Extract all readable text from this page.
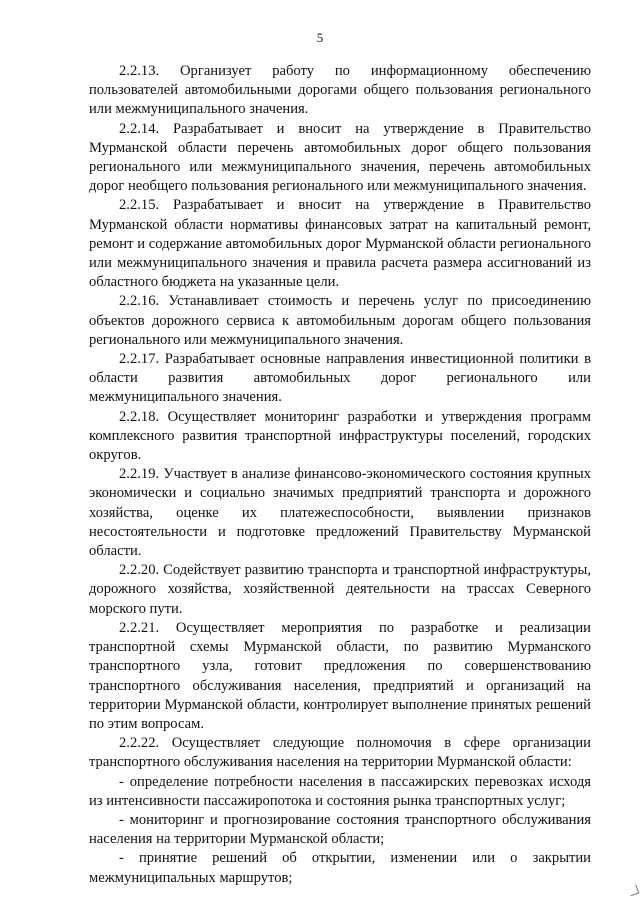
5

2.2.13. Организует работу по информационному обеспечению пользователей автомобильными дорогами общего пользования регионального или межмуниципального значения.

2.2.14. Разрабатывает и вносит на утверждение в Правительство Мурманской области перечень автомобильных дорог общего пользования регионального или межмуниципального значения, перечень автомобильных дорог необщего пользования регионального или межмуниципального значения.

2.2.15. Разрабатывает и вносит на утверждение в Правительство Мурманской области нормативы финансовых затрат на капитальный ремонт, ремонт и содержание автомобильных дорог Мурманской области регионального или межмуниципального значения и правила расчета размера ассигнований из областного бюджета на указанные цели.

2.2.16. Устанавливает стоимость и перечень услуг по присоединению объектов дорожного сервиса к автомобильным дорогам общего пользования регионального или межмуниципального значения.

2.2.17. Разрабатывает основные направления инвестиционной политики в области развития автомобильных дорог регионального или межмуниципального значения.

2.2.18. Осуществляет мониторинг разработки и утверждения программ комплексного развития транспортной инфраструктуры поселений, городских округов.

2.2.19. Участвует в анализе финансово-экономического состояния крупных экономически и социально значимых предприятий транспорта и дорожного хозяйства, оценке их платежеспособности, выявлении признаков несостоятельности и подготовке предложений Правительству Мурманской области.

2.2.20. Содействует развитию транспорта и транспортной инфраструктуры, дорожного хозяйства, хозяйственной деятельности на трассах Северного морского пути.

2.2.21. Осуществляет мероприятия по разработке и реализации транспортной схемы Мурманской области, по развитию Мурманского транспортного узла, готовит предложения по совершенствованию транспортного обслуживания населения, предприятий и организаций на территории Мурманской области, контролирует выполнение принятых решений по этим вопросам.

2.2.22. Осуществляет следующие полномочия в сфере организации транспортного обслуживания населения на территории Мурманской области:

- определение потребности населения в пассажирских перевозках исходя из интенсивности пассажиропотока и состояния рынка транспортных услуг;

- мониторинг и прогнозирование состояния транспортного обслуживания населения на территории Мурманской области;

- принятие решений об открытии, изменении или о закрытии межмуниципальных маршрутов;
